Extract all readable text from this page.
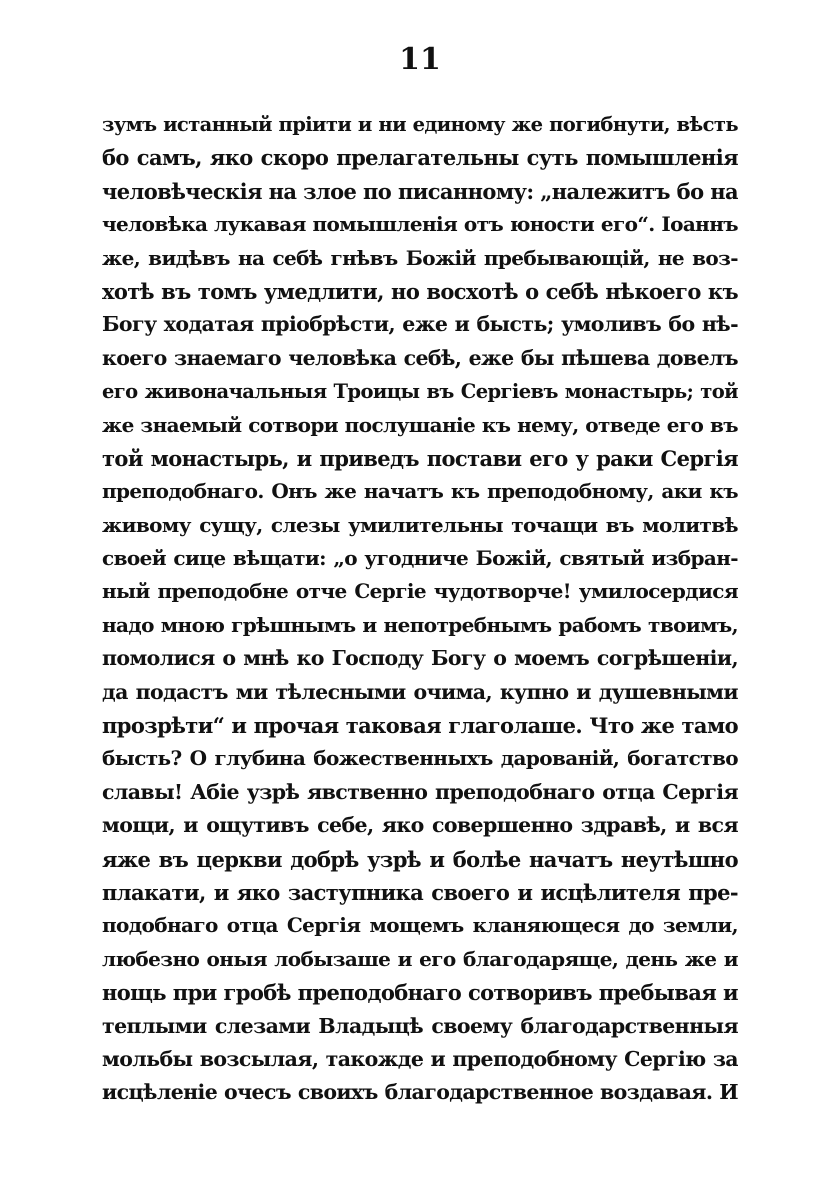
11
зумъ истанный пріити и ни единому же погибнути, вѣсть
бо самъ, яко скоро прелагательны суть помышленія
человѣческія на злое по писанному: „належитъ бо на
человѣка лукавая помышленія отъ юности его“. Іоаннъ
же, видѣвъ на себѣ гнѣвъ Божій пребывающій, не воз-
хотѣ въ томъ умедлити, но восхотѣ о себѣ нѣкоего къ
Богу ходатая пріобрѣсти, еже и бысть; умоливъ бо нѣ-
коего знаемаго человѣка себѣ, еже бы пѣшева довелъ
его живоначальныя Троицы въ Сергіевъ монастырь; той
же знаемый сотвори послушаніе къ нему, отведе его въ
той монастырь, и приведъ постави его у раки Сергія
преподобнаго. Онъ же начатъ къ преподобному, аки къ
живому сущу, слезы умилительны точащи въ молитвѣ
своей сице вѣщати: „о угодниче Божій, святый избран-
ный преподобне отче Сергіе чудотворче! умилосердися
надо мною грѣшнымъ и непотребнымъ рабомъ твоимъ,
помолися о мнѣ ко Господу Богу о моемъ согрѣшеніи,
да подастъ ми тѣлесными очима, купно и душевными
прозрѣти“ и прочая таковая глаголаше. Что же тамо
бысть? О глубина божественныхъ дарованій, богатство
славы! Абіе узрѣ явственно преподобнаго отца Сергія
мощи, и ощутивъ себе, яко совершенно здравѣ, и вся
яже въ церкви добрѣ узрѣ и болѣе начатъ неутѣшно
плакати, и яко заступника своего и исцѣлителя пре-
подобнаго отца Сергія мощемъ кланяющеся до земли,
любезно оныя лобызаше и его благодаряще, день же и
нощь при гробѣ преподобнаго сотворивъ пребывая и
теплыми слезами Владыцѣ своему благодарственныя
мольбы возсылая, такожде и преподобному Сергію за
исцѣленіе очесъ своихъ благодарственное воздавая. И
